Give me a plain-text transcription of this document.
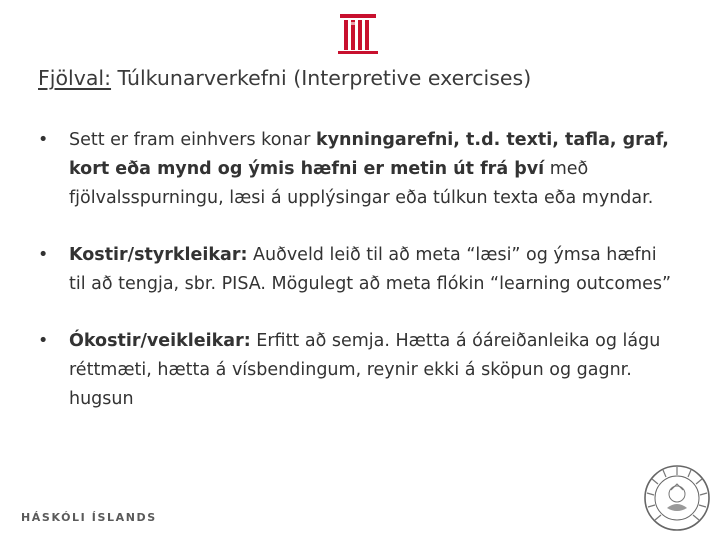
Fjölval: Túlkunarverkefni (Interpretive exercises)
• Sett er fram einhvers konar kynningarefni, t.d. texti, tafla, graf, kort eða mynd og ýmis hæfni er metin út frá því með fjölvalsspurningu, læsi á upplýsingar eða túlkun texta eða myndar.
• Kostir/styrkleikar: Auðveld leið til að meta “læsi” og ýmsa hæfni til að tengja, sbr. PISA. Mögulegt að meta flókin “learning outcomes”
• Ókostir/veikleikar: Erfitt að semja. Hætta á óáreiðanleika og lágu réttmæti, hætta á vísbendingum, reynir ekki á sköpun og gagnr. hugsun

HÁSKÓLI ÍSLANDS
